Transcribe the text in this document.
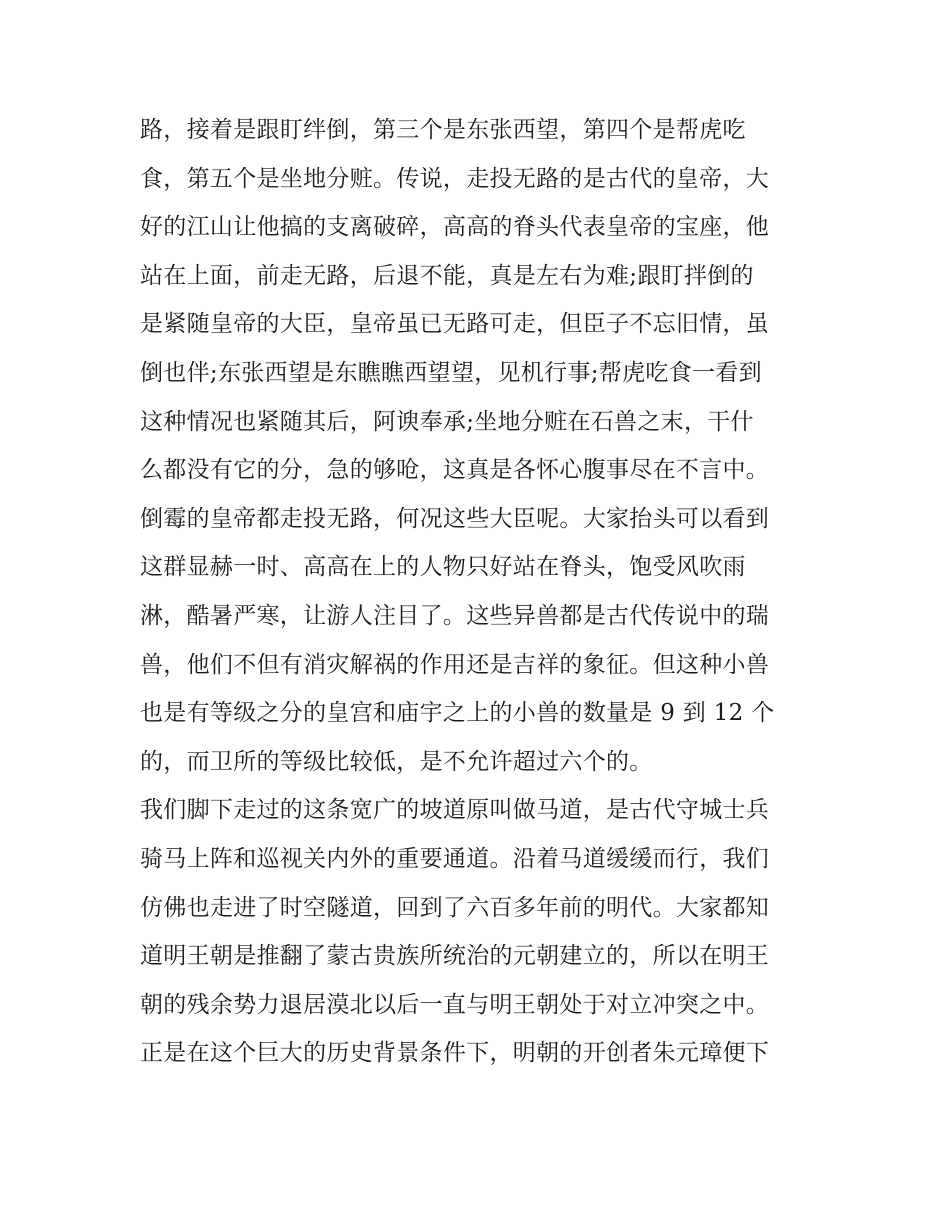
路，接着是跟盯绊倒，第三个是东张西望，第四个是帮虎吃
食，第五个是坐地分赃。传说，走投无路的是古代的皇帝，大
好的江山让他搞的支离破碎，高高的脊头代表皇帝的宝座，他
站在上面，前走无路，后退不能，真是左右为难;跟盯拌倒的
是紧随皇帝的大臣，皇帝虽已无路可走，但臣子不忘旧情，虽
倒也伴;东张西望是东瞧瞧西望望，见机行事;帮虎吃食一看到
这种情况也紧随其后，阿谀奉承;坐地分赃在石兽之末，干什
么都没有它的分，急的够呛，这真是各怀心腹事尽在不言中。
倒霉的皇帝都走投无路，何况这些大臣呢。大家抬头可以看到
这群显赫一时、高高在上的人物只好站在脊头，饱受风吹雨
淋，酷暑严寒，让游人注目了。这些异兽都是古代传说中的瑞
兽，他们不但有消灾解祸的作用还是吉祥的象征。但这种小兽
也是有等级之分的皇宫和庙宇之上的小兽的数量是 9 到 12 个
的，而卫所的等级比较低，是不允许超过六个的。
我们脚下走过的这条宽广的坡道原叫做马道，是古代守城士兵
骑马上阵和巡视关内外的重要通道。沿着马道缓缓而行，我们
仿佛也走进了时空隧道，回到了六百多年前的明代。大家都知
道明王朝是推翻了蒙古贵族所统治的元朝建立的，所以在明王
朝的残余势力退居漠北以后一直与明王朝处于对立冲突之中。
正是在这个巨大的历史背景条件下，明朝的开创者朱元璋便下
